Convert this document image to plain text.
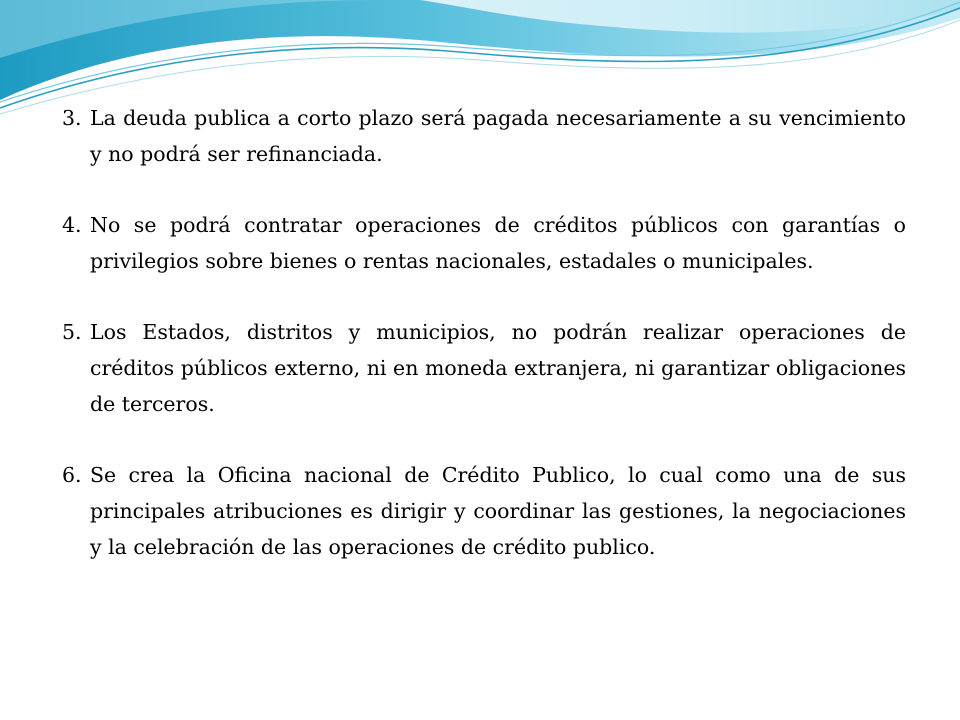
3. La deuda publica a corto plazo será pagada necesariamente a su vencimiento y no podrá ser refinanciada.
4. No se podrá contratar operaciones de créditos públicos con garantías o privilegios sobre bienes o rentas nacionales, estadales o municipales.
5. Los Estados, distritos y municipios, no podrán realizar operaciones de créditos públicos externo, ni en moneda extranjera, ni garantizar obligaciones de terceros.
6. Se crea la Oficina nacional de Crédito Publico, lo cual como una de sus principales atribuciones es dirigir y coordinar las gestiones, la negociaciones y la celebración de las operaciones de crédito publico.
